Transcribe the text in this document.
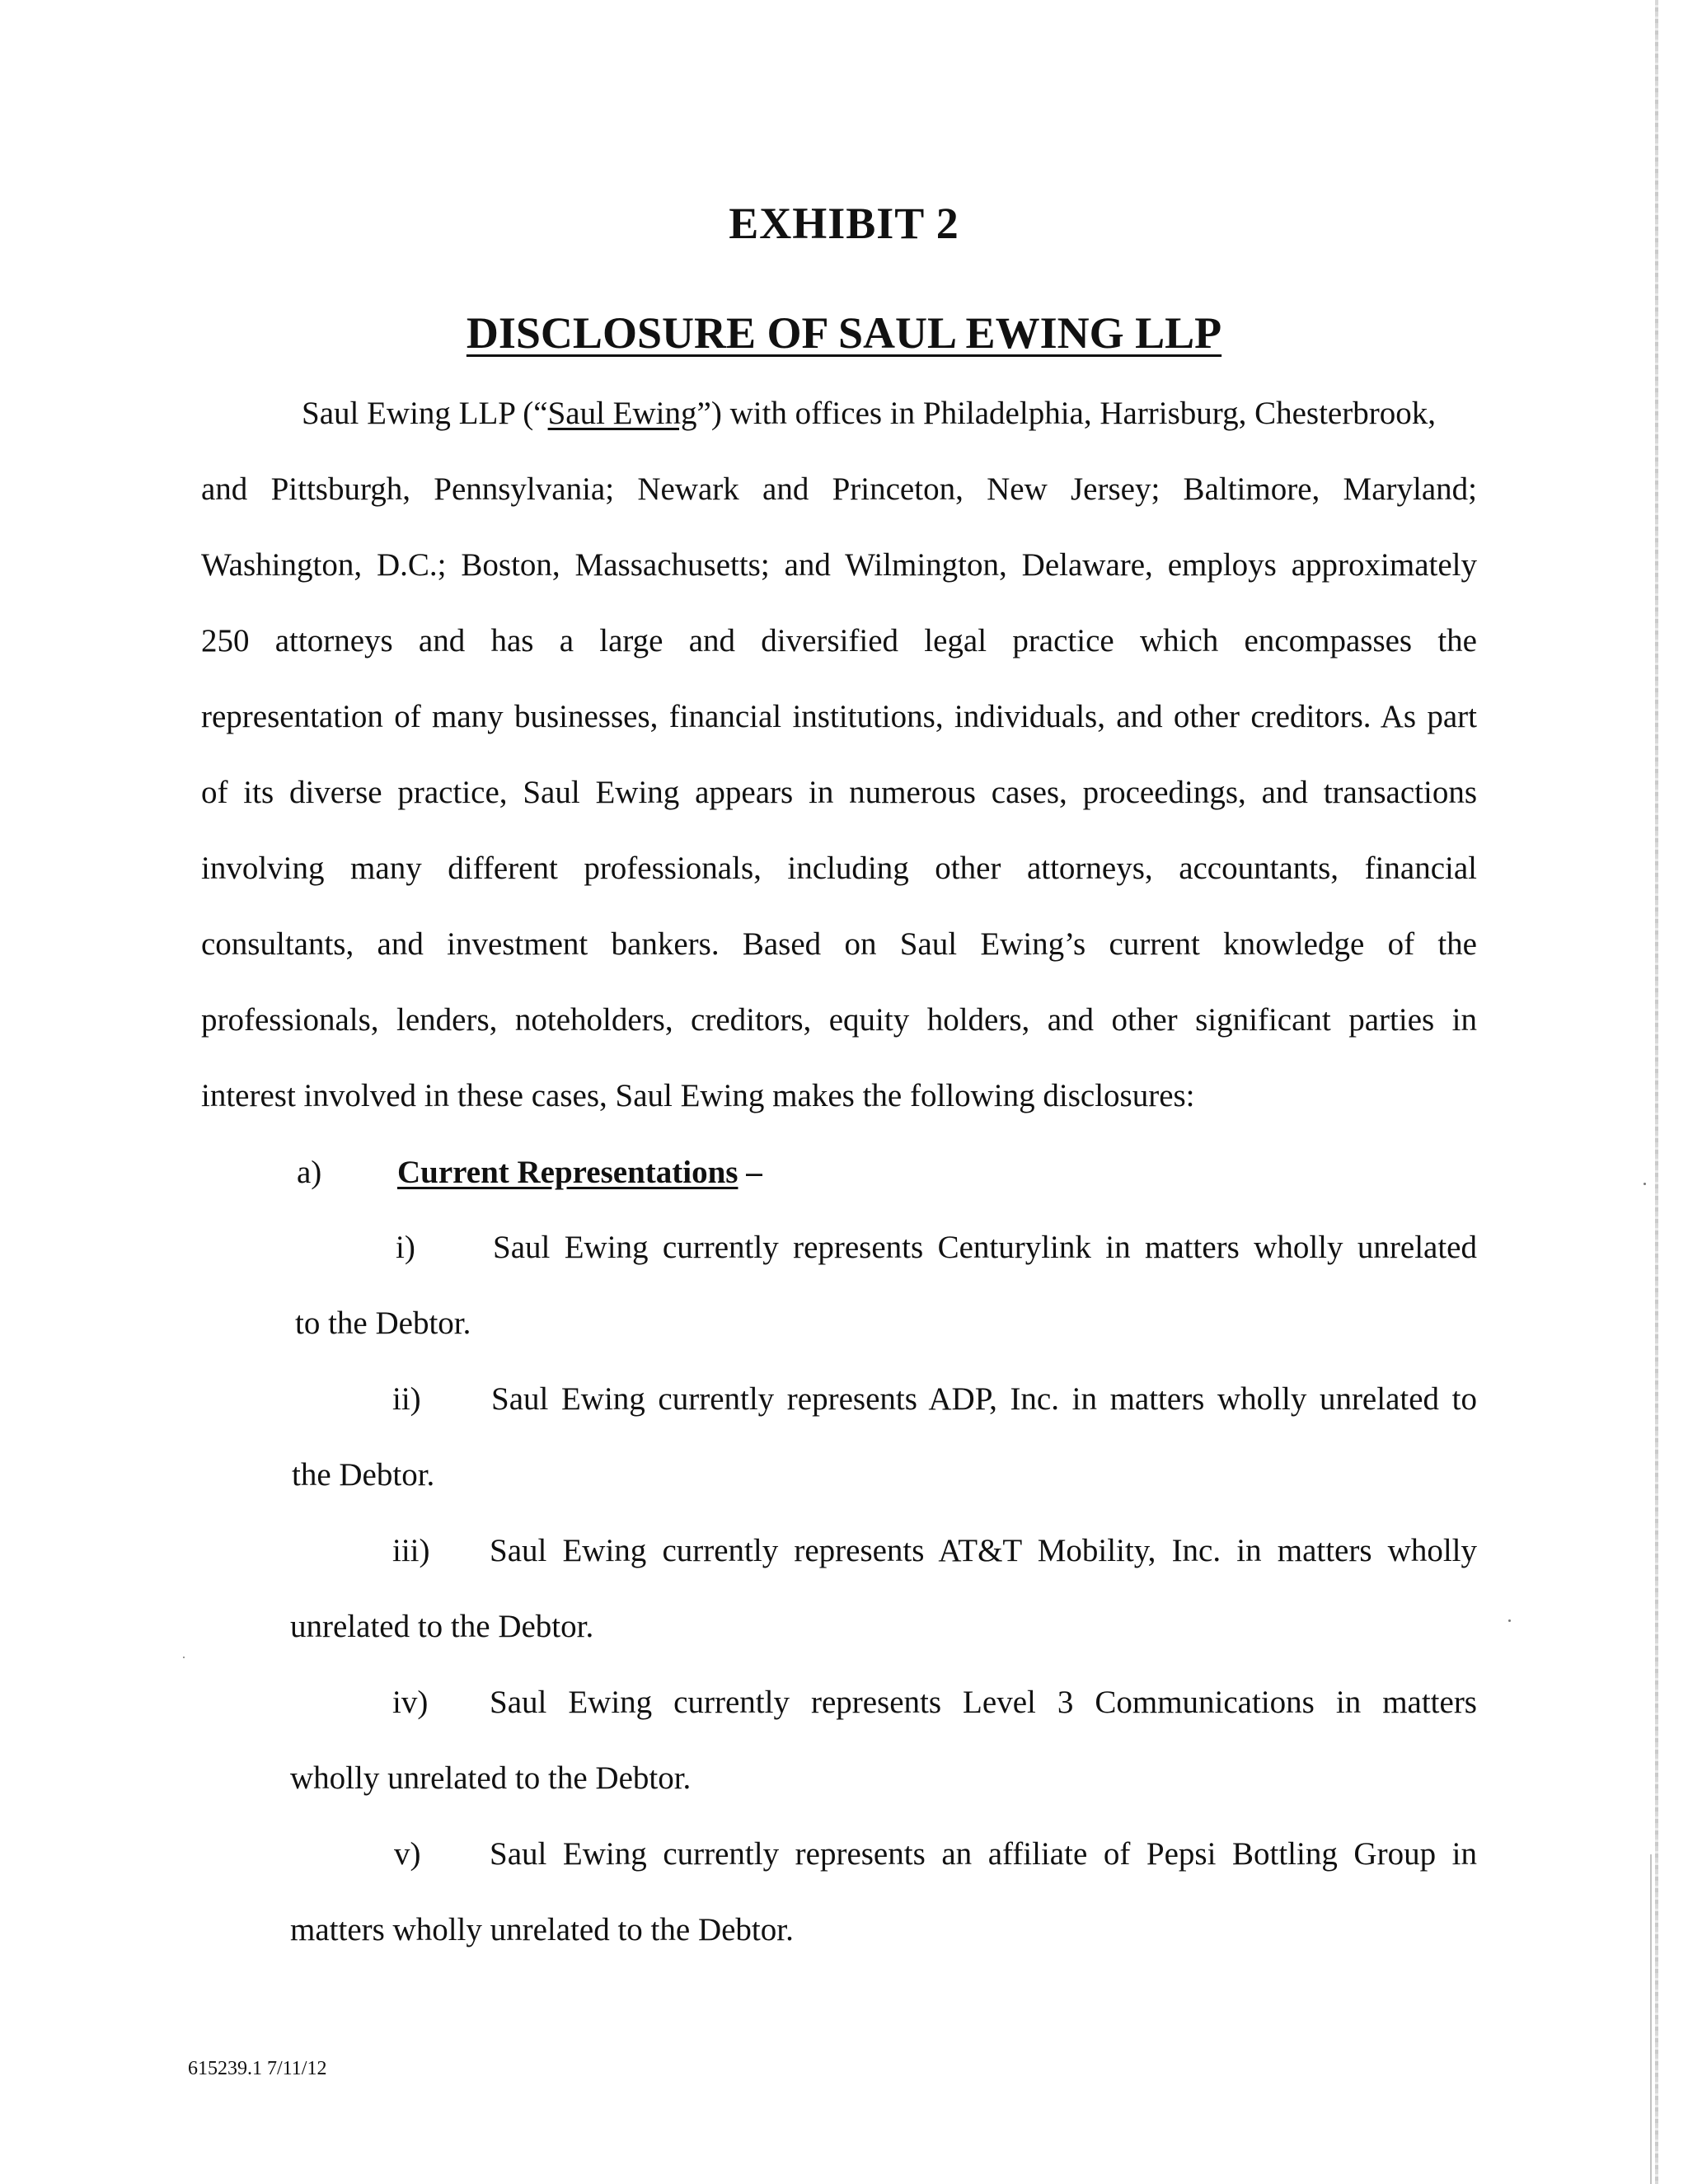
EXHIBIT 2
DISCLOSURE OF SAUL EWING LLP
Saul Ewing LLP (“Saul Ewing”) with offices in Philadelphia, Harrisburg, Chesterbrook,
and Pittsburgh, Pennsylvania; Newark and Princeton, New Jersey; Baltimore, Maryland;
Washington, D.C.; Boston, Massachusetts; and Wilmington, Delaware, employs approximately
250 attorneys and has a large and diversified legal practice which encompasses the
representation of many businesses, financial institutions, individuals, and other creditors. As part
of its diverse practice, Saul Ewing appears in numerous cases, proceedings, and transactions
involving many different professionals, including other attorneys, accountants, financial
consultants, and investment bankers. Based on Saul Ewing’s current knowledge of the
professionals, lenders, noteholders, creditors, equity holders, and other significant parties in
interest involved in these cases, Saul Ewing makes the following disclosures:
a) Current Representations –
i) Saul Ewing currently represents Centurylink in matters wholly unrelated
to the Debtor.
ii) Saul Ewing currently represents ADP, Inc. in matters wholly unrelated to
the Debtor.
iii) Saul Ewing currently represents AT&T Mobility, Inc. in matters wholly
unrelated to the Debtor.
iv) Saul Ewing currently represents Level 3 Communications in matters
wholly unrelated to the Debtor.
v) Saul Ewing currently represents an affiliate of Pepsi Bottling Group in
matters wholly unrelated to the Debtor.
615239.1 7/11/12
